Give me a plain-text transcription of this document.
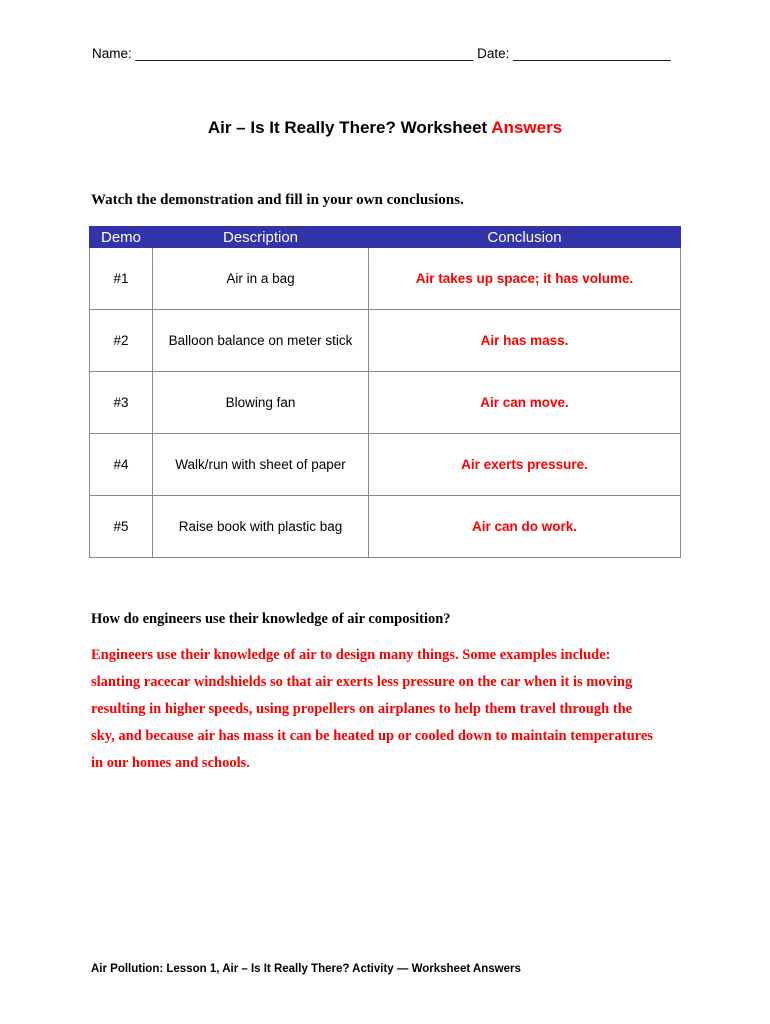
Name: _____________________________________________ Date: _____________________
Air – Is It Really There? Worksheet Answers
Watch the demonstration and fill in your own conclusions.
Demo	Description	Conclusion
#1	Air in a bag	Air takes up space; it has volume.
#2	Balloon balance on meter stick	Air has mass.
#3	Blowing fan	Air can move.
#4	Walk/run with sheet of paper	Air exerts pressure.
#5	Raise book with plastic bag	Air can do work.
How do engineers use their knowledge of air composition?
Engineers use their knowledge of air to design many things. Some examples include:
slanting racecar windshields so that air exerts less pressure on the car when it is moving
resulting in higher speeds, using propellers on airplanes to help them travel through the
sky, and because air has mass it can be heated up or cooled down to maintain temperatures
in our homes and schools.
Air Pollution: Lesson 1, Air – Is It Really There? Activity — Worksheet Answers
